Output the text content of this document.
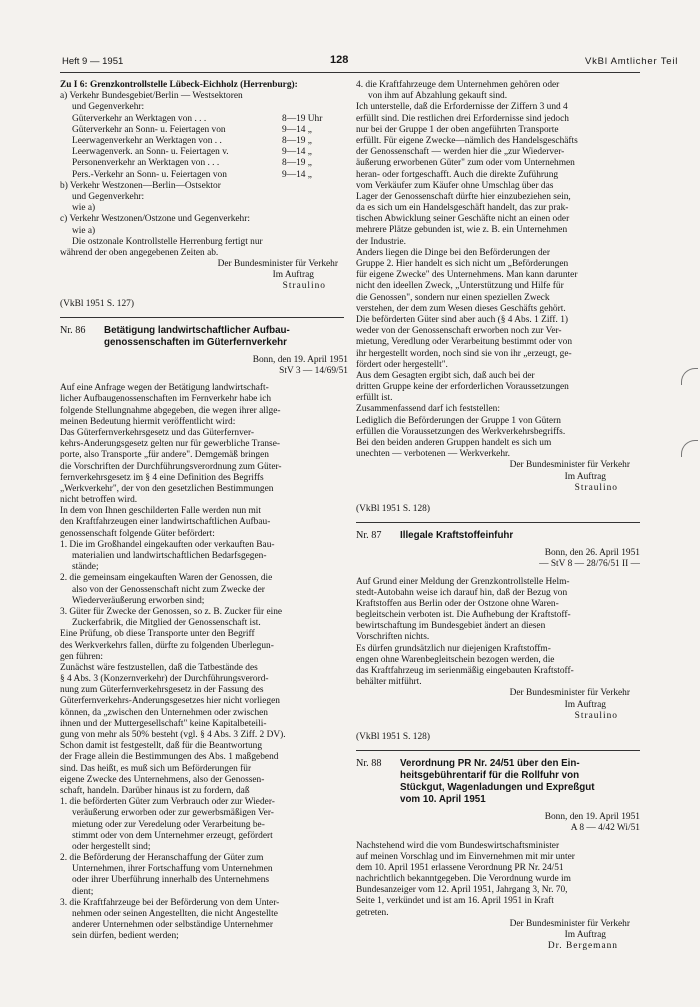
Heft 9 — 1951	128	VkBl Amtlicher Teil
Zu I 6: Grenzkontrollstelle Lübeck-Eichholz (Herrenburg):
a) Verkehr Bundesgebiet/Berlin — Westsektoren
und Gegenverkehr:
Güterverkehr an Werktagen von . . .	8—19 Uhr
Güterverkehr an Sonn- u. Feiertagen von	9—14 „
Leerwagenverkehr an Werktagen von . .	8—19 „
Leerwagenverk. an Sonn- u. Feiertagen v.	9—14 „
Personenverkehr an Werktagen von . . .	8—19 „
Pers.-Verkehr an Sonn- u. Feiertagen von	9—14 „
b) Verkehr Westzonen—Berlin—Ostsektor
und Gegenverkehr:
wie a)
c) Verkehr Westzonen/Ostzone und Gegenverkehr:
wie a)
Die ostzonale Kontrollstelle Herrenburg fertigt nur
während der oben angegebenen Zeiten ab.
Der Bundesminister für Verkehr
Im Auftrag
Straulino
(VkBl 1951 S. 127)
Nr. 86	Betätigung landwirtschaftlicher Aufbau-
genossenschaften im Güterfernverkehr
Bonn, den 19. April 1951
StV 3 — 14/69/51
Auf eine Anfrage wegen der Betätigung landwirtschaft-
licher Aufbaugenossenschaften im Fernverkehr habe ich
folgende Stellungnahme abgegeben, die wegen ihrer allge-
meinen Bedeutung hiermit veröffentlicht wird:
Das Güterfernverkehrsgesetz und das Güterfernver-
kehrs-Änderungsgesetz gelten nur für gewerbliche Transe-
porte, also Transporte „für andere". Demgemäß bringen
die Vorschriften der Durchführungsverordnung zum Güter-
fernverkehrsgesetz im § 4 eine Definition des Begriffs
„Werkverkehr", der von den gesetzlichen Bestimmungen
nicht betroffen wird.
In dem von Ihnen geschilderten Falle werden nun mit
den Kraftfahrzeugen einer landwirtschaftlichen Aufbau-
genossenschaft folgende Güter befördert:
1. Die im Großhandel eingekauften oder verkauften Bau-
materialien und landwirtschaftlichen Bedarfsgegen-
stände;
2. die gemeinsam eingekauften Waren der Genossen, die
also von der Genossenschaft nicht zum Zwecke der
Wiederveräußerung erworben sind;
3. Güter für Zwecke der Genossen, so z. B. Zucker für eine
Zuckerfabrik, die Mitglied der Genossenschaft ist.
Eine Prüfung, ob diese Transporte unter den Begriff
des Werkverkehrs fallen, dürfte zu folgenden Überlegun-
gen führen:
Zunächst wäre festzustellen, daß die Tatbestände des
§ 4 Abs. 3 (Konzernverkehr) der Durchführungsverord-
nung zum Güterfernverkehrsgesetz in der Fassung des
Güterfernverkehrs-Änderungsgesetzes hier nicht vorliegen
können, da „zwischen den Unternehmen oder zwischen
ihnen und der Muttergesellschaft" keine Kapitalbeteili-
gung von mehr als 50% besteht (vgl. § 4 Abs. 3 Ziff. 2 DV).
Schon damit ist festgestellt, daß für die Beantwortung
der Frage allein die Bestimmungen des Abs. 1 maßgebend
sind. Das heißt, es muß sich um Beförderungen für
eigene Zwecke des Unternehmens, also der Genossen-
schaft, handeln. Darüber hinaus ist zu fordern, daß
1. die beförderten Güter zum Verbrauch oder zur Wieder-
veräußerung erworben oder zur gewerbsmäßigen Ver-
mietung oder zur Veredelung oder Verarbeitung be-
stimmt oder von dem Unternehmer erzeugt, gefördert
oder hergestellt sind;
2. die Beförderung der Heranschaffung der Güter zum
Unternehmen, ihrer Fortschaffung vom Unternehmen
oder ihrer Überführung innerhalb des Unternehmens
dient;
3. die Kraftfahrzeuge bei der Beförderung von dem Unter-
nehmen oder seinen Angestellten, die nicht Angestellte
anderer Unternehmen oder selbständige Unternehmer
sein dürfen, bedient werden;
4. die Kraftfahrzeuge dem Unternehmen gehören oder
von ihm auf Abzahlung gekauft sind.
Ich unterstelle, daß die Erfordernisse der Ziffern 3 und 4
erfüllt sind. Die restlichen drei Erfordernisse sind jedoch
nur bei der Gruppe 1 der oben angeführten Transporte
erfüllt. Für eigene Zwecke—nämlich des Handelsgeschäfts
der Genossenschaft — werden hier die „zur Wiederver-
äußerung erworbenen Güter" zum oder vom Unternehmen
heran- oder fortgeschafft. Auch die direkte Zuführung
vom Verkäufer zum Käufer ohne Umschlag über das
Lager der Genossenschaft dürfte hier einzubeziehen sein,
da es sich um ein Handelsgeschäft handelt, das zur prak-
tischen Abwicklung seiner Geschäfte nicht an einen oder
mehrere Plätze gebunden ist, wie z. B. ein Unternehmen
der Industrie.
Anders liegen die Dinge bei den Beförderungen der
Gruppe 2. Hier handelt es sich nicht um „Beförderungen
für eigene Zwecke" des Unternehmens. Man kann darunter
nicht den ideellen Zweck, „Unterstützung und Hilfe für
die Genossen", sondern nur einen speziellen Zweck
verstehen, der dem zum Wesen dieses Geschäfts gehört.
Die beförderten Güter sind aber auch (§ 4 Abs. 1 Ziff. 1)
weder von der Genossenschaft erworben noch zur Ver-
mietung, Veredlung oder Verarbeitung bestimmt oder von
ihr hergestellt worden, noch sind sie von ihr „erzeugt, ge-
fördert oder hergestellt".
Aus dem Gesagten ergibt sich, daß auch bei der
dritten Gruppe keine der erforderlichen Voraussetzungen
erfüllt ist.
Zusammenfassend darf ich feststellen:
Lediglich die Beförderungen der Gruppe 1 von Gütern
erfüllen die Voraussetzungen des Werkverkehrsbegriffs.
Bei den beiden anderen Gruppen handelt es sich um
unechten — verbotenen — Werkverkehr.
Der Bundesminister für Verkehr
Im Auftrag
Straulino
(VkBl 1951 S. 128)
Nr. 87	Illegale Kraftstoffeinfuhr
Bonn, den 26. April 1951
— StV 8 — 28/76/51 II —
Auf Grund einer Meldung der Grenzkontrollstelle Helm-
stedt-Autobahn weise ich darauf hin, daß der Bezug von
Kraftstoffen aus Berlin oder der Ostzone ohne Waren-
begleitschein verboten ist. Die Aufhebung der Kraftstoff-
bewirtschaftung im Bundesgebiet ändert an diesen
Vorschriften nichts.
Es dürfen grundsätzlich nur diejenigen Kraftstoffm-
engen ohne Warenbegleitschein bezogen werden, die
das Kraftfahrzeug im serienmäßig eingebauten Kraftstoff-
behälter mitführt.
Der Bundesminister für Verkehr
Im Auftrag
Straulino
(VkBl 1951 S. 128)
Nr. 88	Verordnung PR Nr. 24/51 über den Ein-
heitsgebührentarif für die Rollfuhr von
Stückgut, Wagenladungen und Expreßgut
vom 10. April 1951
Bonn, den 19. April 1951
A 8 — 4/42 Wi/51
Nachstehend wird die vom Bundeswirtschaftsminister
auf meinen Vorschlag und im Einvernehmen mit mir unter
dem 10. April 1951 erlassene Verordnung PR Nr. 24/51
nachrichtlich bekanntgegeben. Die Verordnung wurde im
Bundesanzeiger vom 12. April 1951, Jahrgang 3, Nr. 70,
Seite 1, verkündet und ist am 16. April 1951 in Kraft
getreten.
Der Bundesminister für Verkehr
Im Auftrag
Dr. Bergemann
